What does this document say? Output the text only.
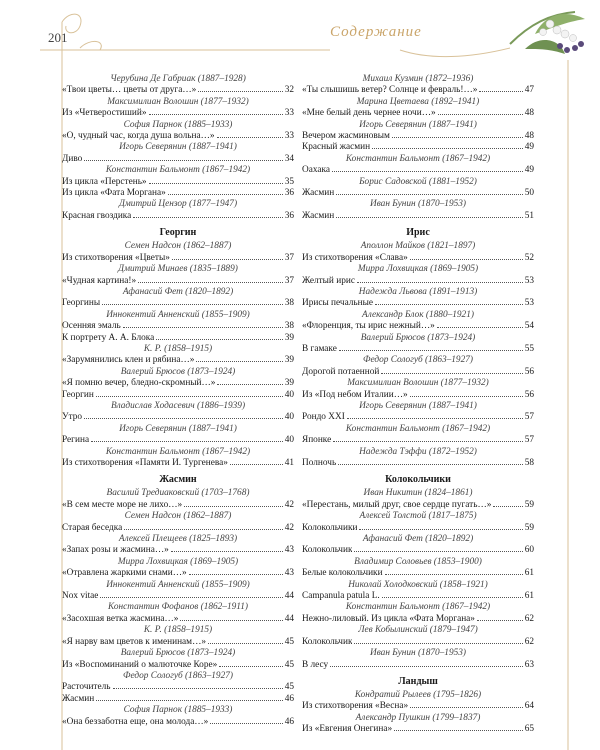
201	Содержание
Чеpубина Де Габриак (1887–1928)
«Твои цветы… цветы от друга…»	32
Максимилиан Волошин (1877–1932)
Из «Четверостиший»	33
София Парнок (1885–1933)
«О, чудный час, когда душа вольна…»	33
Игорь Северянин (1887–1941)
Диво	34
Константин Бальмонт (1867–1942)
Из цикла «Перстень»	35
Из цикла «Фата Моргана»	36
Дмитрий Цензор (1877–1947)
Красная гвоздика	36
Георгин
Семен Надсон (1862–1887)
Из стихотворения «Цветы»	37
Дмитрий Минаев (1835–1889)
«Чудная картина!»	37
Афанасий Фет (1820–1892)
Георгины	38
Иннокентий Анненский (1855–1909)
Осенняя эмаль	38
К портрету А. А. Блока	39
К. Р. (1858–1915)
«Зарумянились клен и рябина…»	39
Валерий Брюсов (1873–1924)
«Я помню вечер, бледно-скромный…»	39
Георгин	40
Владислав Ходасевич (1886–1939)
Утро	40
Игорь Северянин (1887–1941)
Регина	40
Константин Бальмонт (1867–1942)
Из стихотворения «Памяти И. Тургенева»	41
Жасмин
Василий Тредиаковский (1703–1768)
«В сем месте море не лихо…»	42
Семен Надсон (1862–1887)
Старая беседка	42
Алексей Плещеев (1825–1893)
«Запах розы и жасмина…»	43
Мирра Лохвицкая (1869–1905)
«Отравлена жаркими снами…»	43
Иннокентий Анненский (1855–1909)
Nox vitae	44
Константин Фофанов (1862–1911)
«Засохшая ветка жасмина…»	44
К. Р. (1858–1915)
«Я нарву вам цветов к именинам…»	45
Валерий Брюсов (1873–1924)
Из «Воспоминаний о малюточке Коре»	45
Федор Сологуб (1863–1927)
Расточитель	45
Жасмин	46
София Парнок (1885–1933)
«Она беззаботна еще, она молода…»	46
Михаил Кузмин (1872–1936)
«Ты слышишь ветер? Солнце и февраль!…»	47
Марина Цветаева (1892–1941)
«Мне белый день чернее ночи…»	48
Игорь Северянин (1887–1941)
Вечером жасминовым	48
Красный жасмин	49
Константин Бальмонт (1867–1942)
Оахака	49
Борис Садовской (1881–1952)
Жасмин	50
Иван Бунин (1870–1953)
Жасмин	51
Ирис
Аполлон Майков (1821–1897)
Из стихотворения «Слава»	52
Мирра Лохвицкая (1869–1905)
Желтый ирис	53
Надежда Львова (1891–1913)
Ирисы печальные	53
Александр Блок (1880–1921)
«Флоренция, ты ирис нежный…»	54
Валерий Брюсов (1873–1924)
В гамаке	55
Федор Сологуб (1863–1927)
Дорогой потаенной	56
Максимилиан Волошин (1877–1932)
Из «Под небом Италии…»	56
Игорь Северянин (1887–1941)
Рондо XXI	57
Константин Бальмонт (1867–1942)
Японке	57
Надежда Тэффи (1872–1952)
Полночь	58
Колокольчики
Иван Никитин (1824–1861)
«Перестань, милый друг, свое сердце пугать…»	59
Алексей Толстой (1817–1875)
Колокольчики	59
Афанасий Фет (1820–1892)
Колокольчик	60
Владимир Соловьев (1853–1900)
Белые колокольчики	61
Николай Холодковский (1858–1921)
Campanula patula L.	61
Константин Бальмонт (1867–1942)
Нежно-лиловый. Из цикла «Фата Моргана»	62
Лев Кобылинский (1879–1947)
Колокольчик	62
Иван Бунин (1870–1953)
В лесу	63
Ландыш
Кондратий Рылеев (1795–1826)
Из стихотворения «Весна»	64
Александр Пушкин (1799–1837)
Из «Евгения Онегина»	65
